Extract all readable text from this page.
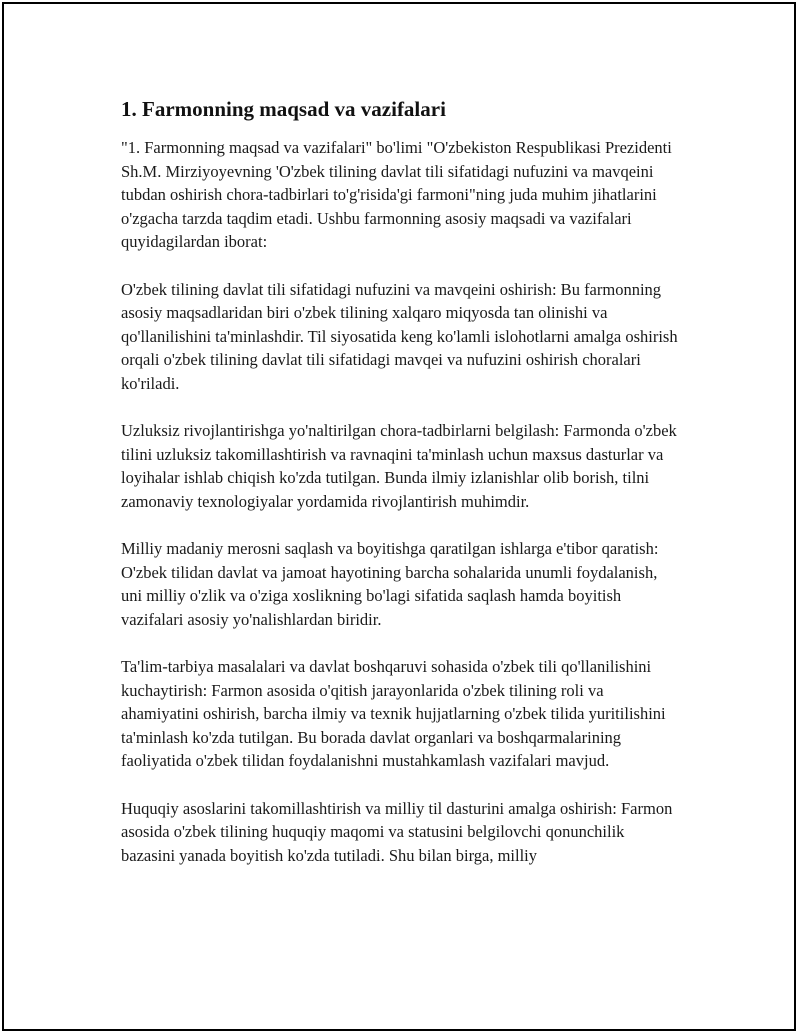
1. Farmonning maqsad va vazifalari

"1. Farmonning maqsad va vazifalari" bo'limi "O'zbekiston Respublikasi Prezidenti Sh.M. Mirziyoyevning 'O'zbek tilining davlat tili sifatidagi nufuzini va mavqeini tubdan oshirish chora-tadbirlari to'g'risida'gi farmoni"ning juda muhim jihatlarini o'zgacha tarzda taqdim etadi. Ushbu farmonning asosiy maqsadi va vazifalari quyidagilardan iborat:

O'zbek tilining davlat tili sifatidagi nufuzini va mavqeini oshirish: Bu farmonning asosiy maqsadlaridan biri o'zbek tilining xalqaro miqyosda tan olinishi va qo'llanilishini ta'minlashdir. Til siyosatida keng ko'lamli islohotlarni amalga oshirish orqali o'zbek tilining davlat tili sifatidagi mavqei va nufuzini oshirish choralari ko'riladi.

Uzluksiz rivojlantirishga yo'naltirilgan chora-tadbirlarni belgilash: Farmonda o'zbek tilini uzluksiz takomillashtirish va ravnaqini ta'minlash uchun maxsus dasturlar va loyihalar ishlab chiqish ko'zda tutilgan. Bunda ilmiy izlanishlar olib borish, tilni zamonaviy texnologiyalar yordamida rivojlantirish muhimdir.

Milliy madaniy merosni saqlash va boyitishga qaratilgan ishlarga e'tibor qaratish: O'zbek tilidan davlat va jamoat hayotining barcha sohalarida unumli foydalanish, uni milliy o'zlik va o'ziga xoslikning bo'lagi sifatida saqlash hamda boyitish vazifalari asosiy yo'nalishlardan biridir.

Ta'lim-tarbiya masalalari va davlat boshqaruvi sohasida o'zbek tili qo'llanilishini kuchaytirish: Farmon asosida o'qitish jarayonlarida o'zbek tilining roli va ahamiyatini oshirish, barcha ilmiy va texnik hujjatlarning o'zbek tilida yuritilishini ta'minlash ko'zda tutilgan. Bu borada davlat organlari va boshqarmalarining faoliyatida o'zbek tilidan foydalanishni mustahkamlash vazifalari mavjud.

Huquqiy asoslarini takomillashtirish va milliy til dasturini amalga oshirish: Farmon asosida o'zbek tilining huquqiy maqomi va statusini belgilovchi qonunchilik bazasini yanada boyitish ko'zda tutiladi. Shu bilan birga, milliy
